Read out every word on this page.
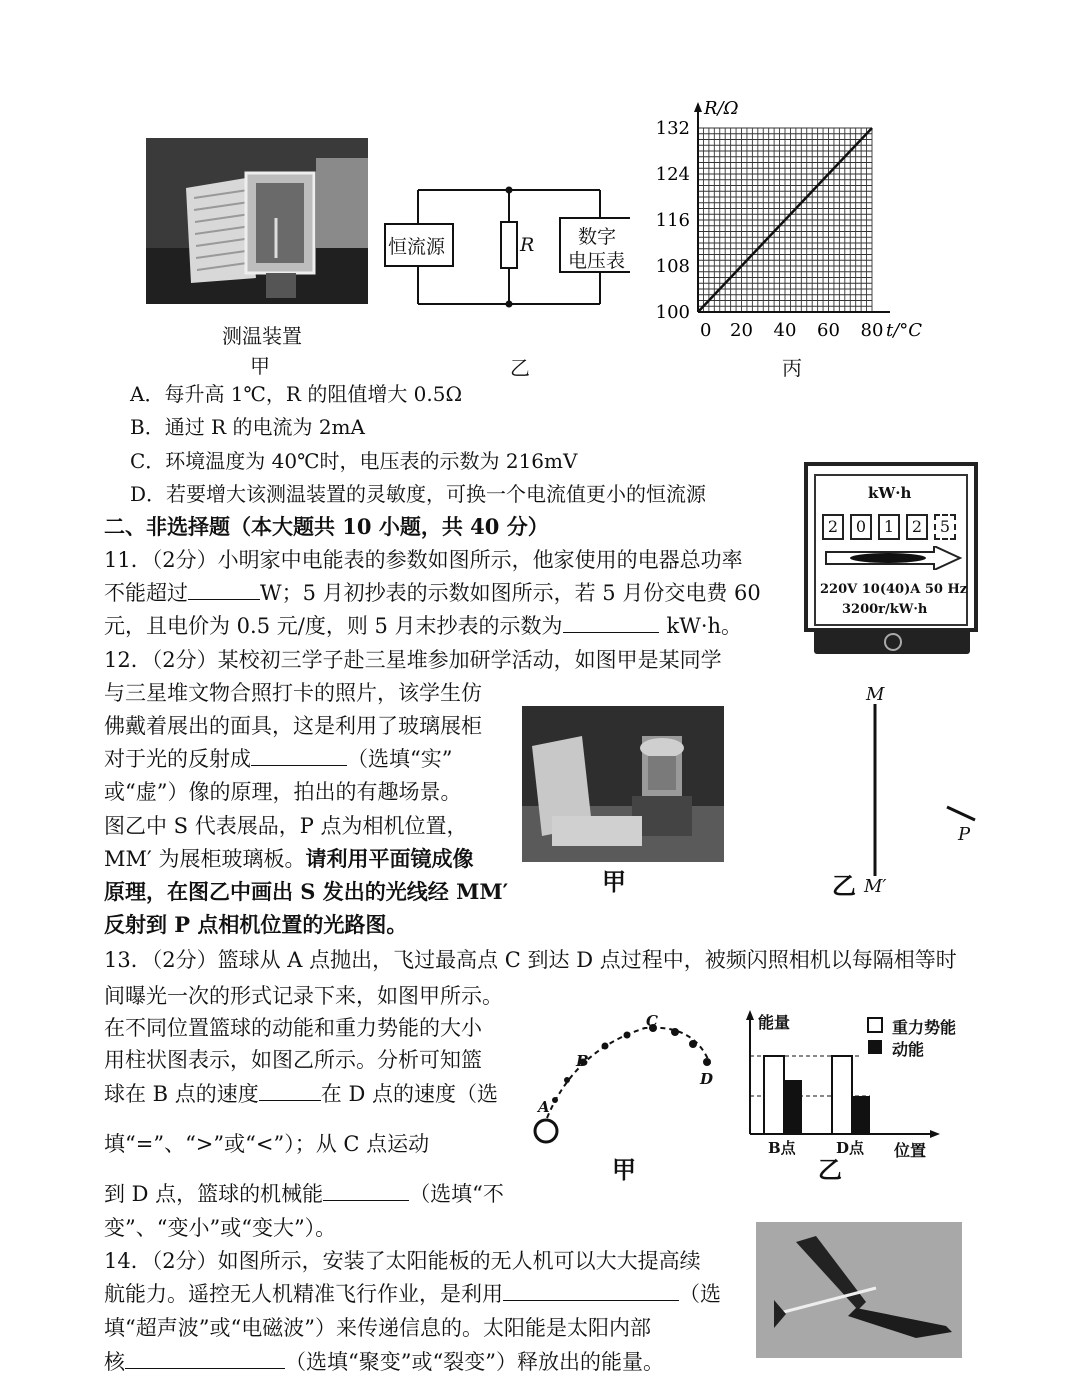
测温装置
甲
恒流源	R 数字
电压表
乙
100
108
116
124
132
20 40 60 80
0
R/Ω
t/°C
丙
A．每升高 1℃，R 的阻值增大 0.5Ω
B．通过 R 的电流为 2mA
C．环境温度为 40℃时，电压表的示数为 216mV
D．若要增大该测温装置的灵敏度，可换一个电流值更小的恒流源
二、非选择题（本大题共 10 小题，共 40 分）
kW·h
2	0	1	2	5
220V 10(40)A 50 Hz
3200r/kW·h
11．（2分）小明家中电能表的参数如图所示，他家使用的电器总功率
不能超过	W；5 月初抄表的示数如图所示，若 5 月份交电费 60
元，且电价为 0.5 元/度，则 5 月末抄表的示数为	kW·h。
12．（2分）某校初三学子赴三星堆参加研学活动，如图甲是某同学
与三星堆文物合照打卡的照片，该学生仿
佛戴着展出的面具，这是利用了玻璃展柜
对于光的反射成	（选填“实”
或“虚”）像的原理，拍出的有趣场景。
图乙中 S 代表展品，P 点为相机位置，
MM′ 为展柜玻璃板。请利用平面镜成像
原理，在图乙中画出 S 发出的光线经 MM′
反射到 P 点相机位置的光路图。
甲
M
M′
P
乙
13．（2分）篮球从 A 点抛出，飞过最高点 C 到达 D 点过程中，被频闪照相机以每隔相等时
间曝光一次的形式记录下来，如图甲所示。
在不同位置篮球的动能和重力势能的大小
用柱状图表示，如图乙所示。分析可知篮
球在 B 点的速度	在 D 点的速度（选
填“=”、“>”或“<”）；从 C 点运动
到 D 点，篮球的机械能	（选填“不
变”、“变小”或“变大”）。
A
B
C
D
甲
能量	重力势能
动能
B点	D点 位置
乙
14．（2分）如图所示，安装了太阳能板的无人机可以大大提高续
航能力。遥控无人机精准飞行作业，是利用	（选
填“超声波”或“电磁波”）来传递信息的。太阳能是太阳内部
核	（选填“聚变”或“裂变”）释放出的能量。
